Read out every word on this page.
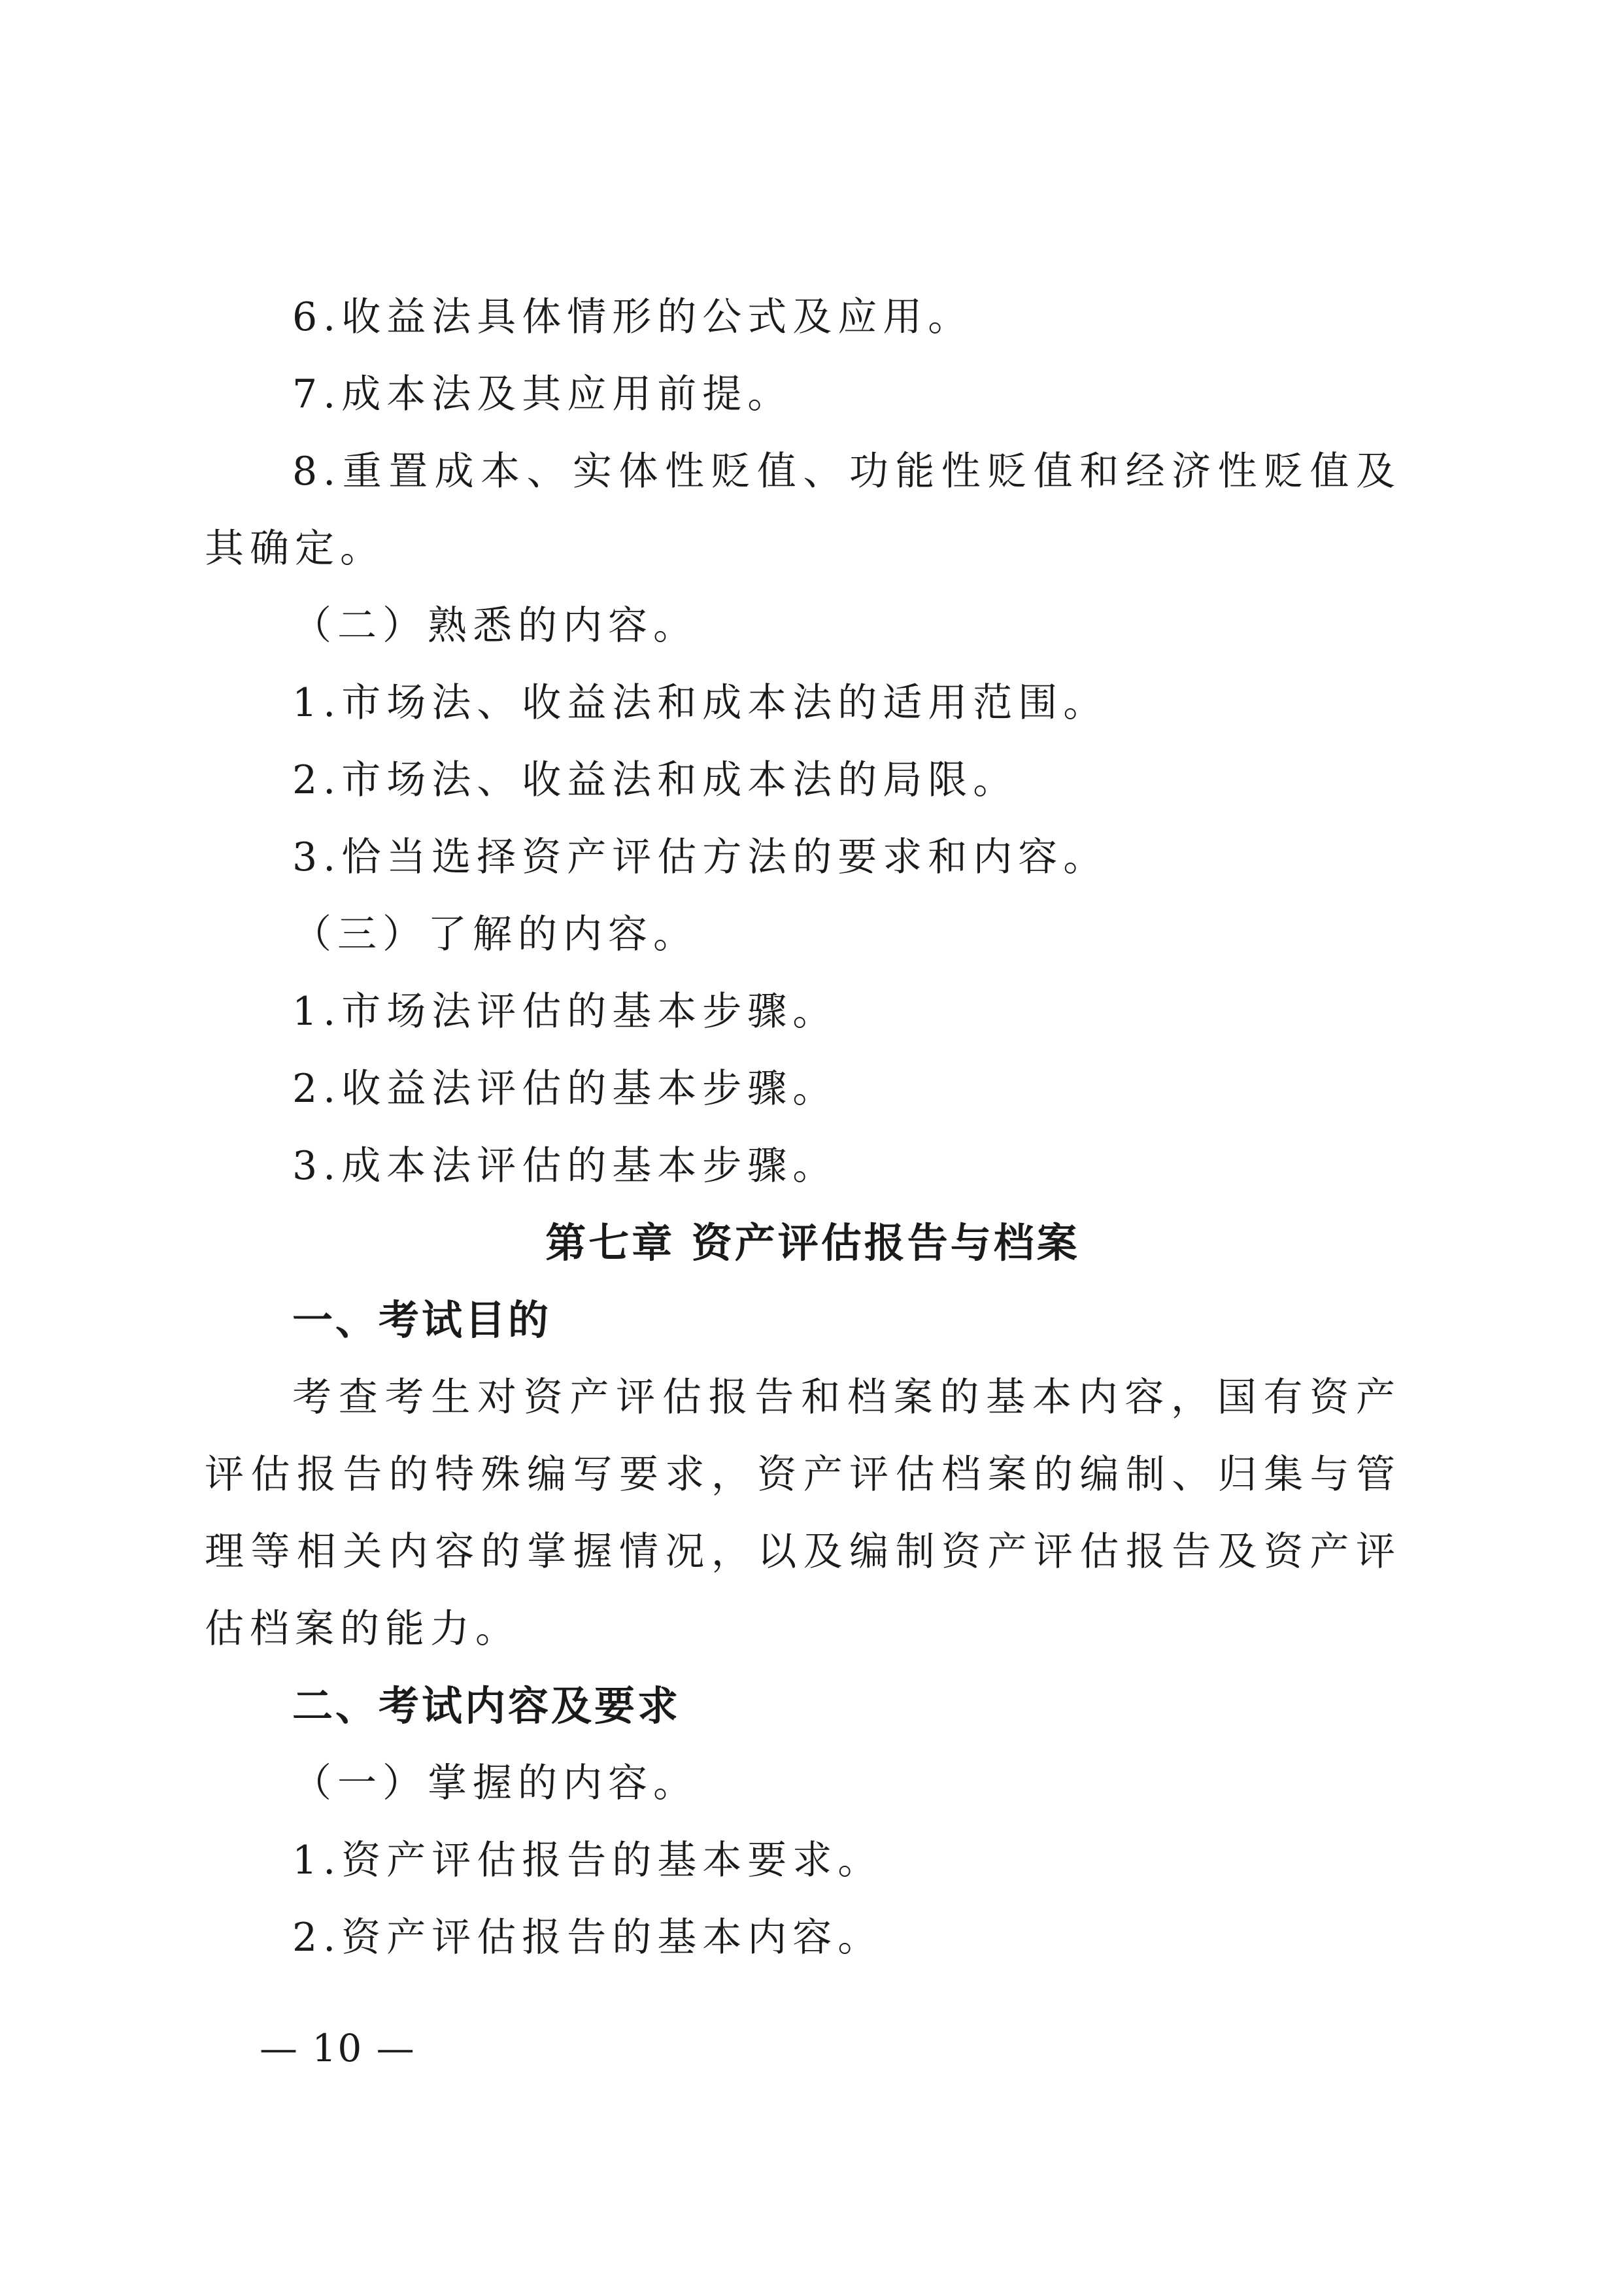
6.收益法具体情形的公式及应用。
7.成本法及其应用前提。

8.重置成本、实体性贬值、功能性贬值和经济性贬值及其确定。

（二）熟悉的内容。
1.市场法、收益法和成本法的适用范围。
2.市场法、收益法和成本法的局限。
3.恰当选择资产评估方法的要求和内容。
（三）了解的内容。
1.市场法评估的基本步骤。
2.收益法评估的基本步骤。
3.成本法评估的基本步骤。
第七章 资产评估报告与档案
一、考试目的

考查考生对资产评估报告和档案的基本内容，国有资产评估报告的特殊编写要求，资产评估档案的编制、归集与管理等相关内容的掌握情况，以及编制资产评估报告及资产评估档案的能力。

二、考试内容及要求
（一）掌握的内容。
1.资产评估报告的基本要求。
2.资产评估报告的基本内容。
— 10 —
